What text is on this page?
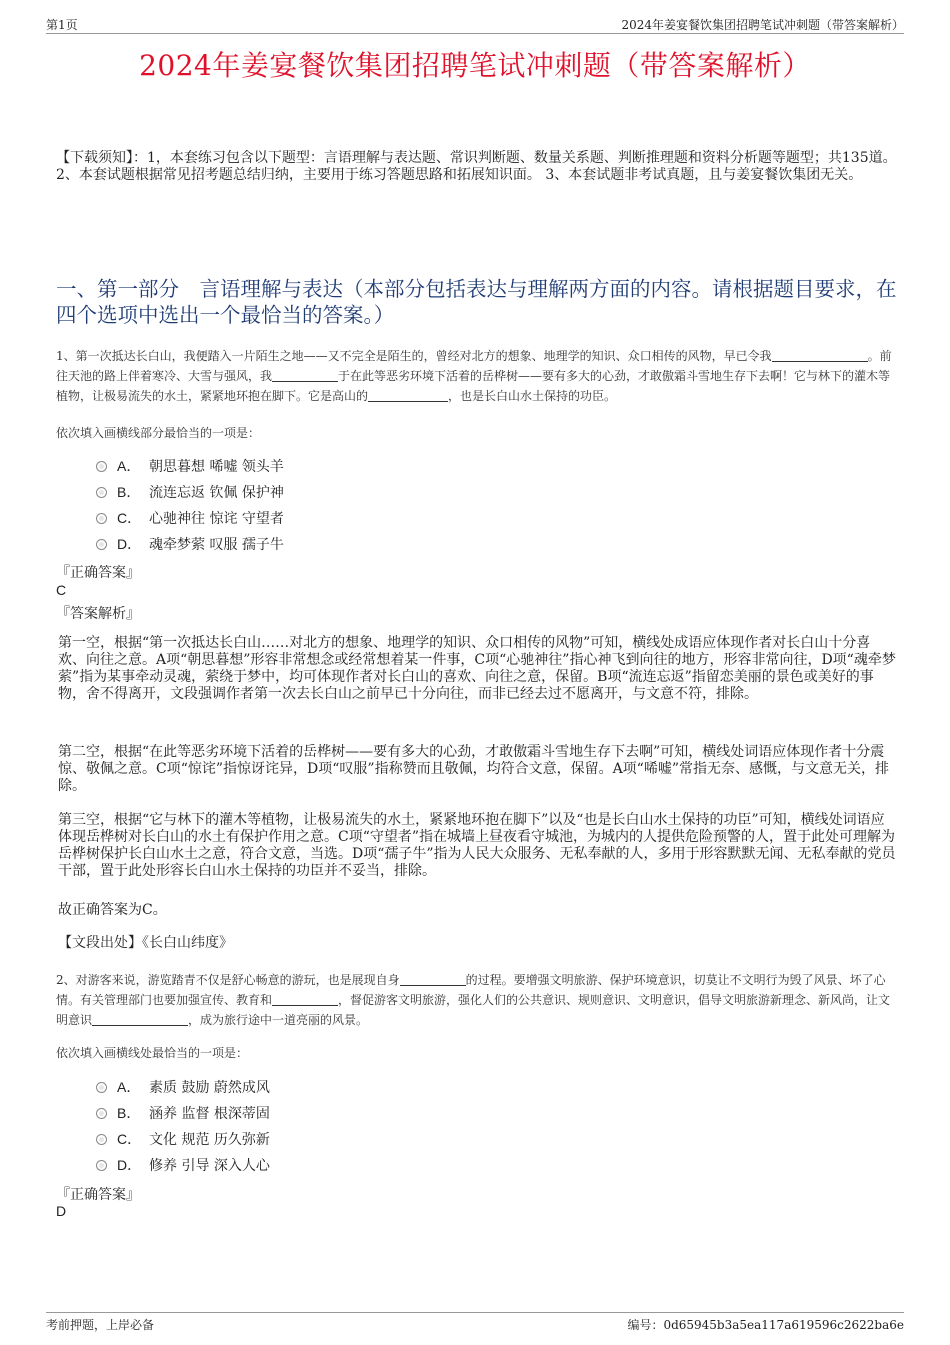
第1页	2024年姜宴餐饮集团招聘笔试冲刺题（带答案解析）
2024年姜宴餐饮集团招聘笔试冲刺题（带答案解析）
【下载须知】：1，本套练习包含以下题型：言语理解与表达题、常识判断题、数量关系题、判断推理题和资料分析题等题型；共135道。 2、本套试题根据常见招考题总结归纳，主要用于练习答题思路和拓展知识面。 3、本套试题非考试真题，且与姜宴餐饮集团无关。
一、第一部分　言语理解与表达（本部分包括表达与理解两方面的内容。请根据题目要求，在四个选项中选出一个最恰当的答案。）
1、第一次抵达长白山，我便踏入一片陌生之地——又不完全是陌生的，曾经对北方的想象、地理学的知识、众口相传的风物，早已令我	。前往天池的路上伴着寒冷、大雪与强风，我	于在此等恶劣环境下活着的岳桦树——要有多大的心劲，才敢傲霜斗雪地生存下去啊！它与林下的灌木等植物，让极易流失的水土，紧紧地环抱在脚下。它是高山的	，也是长白山水土保持的功臣。
依次填入画横线部分最恰当的一项是：
A． 朝思暮想 唏嘘 领头羊
B． 流连忘返 钦佩 保护神
C． 心驰神往 惊诧 守望者
D． 魂牵梦萦 叹服 孺子牛
『正确答案』
C
『答案解析』
第一空，根据“第一次抵达长白山……对北方的想象、地理学的知识、众口相传的风物”可知，横线处成语应体现作者对长白山十分喜欢、向往之意。A项“朝思暮想”形容非常想念或经常想着某一件事，C项“心驰神往”指心神飞到向往的地方，形容非常向往，D项“魂牵梦萦”指为某事牵动灵魂，萦绕于梦中，均可体现作者对长白山的喜欢、向往之意，保留。B项“流连忘返”指留恋美丽的景色或美好的事物，舍不得离开，文段强调作者第一次去长白山之前早已十分向往，而非已经去过不愿离开，与文意不符，排除。
第二空，根据“在此等恶劣环境下活着的岳桦树——要有多大的心劲，才敢傲霜斗雪地生存下去啊”可知，横线处词语应体现作者十分震惊、敬佩之意。C项“惊诧”指惊讶诧异，D项“叹服”指称赞而且敬佩，均符合文意，保留。A项“唏嘘”常指无奈、感慨，与文意无关，排除。
第三空，根据“它与林下的灌木等植物，让极易流失的水土，紧紧地环抱在脚下”以及“也是长白山水土保持的功臣”可知，横线处词语应体现岳桦树对长白山的水土有保护作用之意。C项“守望者”指在城墙上昼夜看守城池，为城内的人提供危险预警的人，置于此处可理解为岳桦树保护长白山水土之意，符合文意，当选。D项“孺子牛”指为人民大众服务、无私奉献的人，多用于形容默默无闻、无私奉献的党员干部，置于此处形容长白山水土保持的功臣并不妥当，排除。
故正确答案为C。
【文段出处】《长白山纬度》
2、对游客来说，游览踏青不仅是舒心畅意的游玩，也是展现自身	的过程。要增强文明旅游、保护环境意识，切莫让不文明行为毁了风景、坏了心情。有关管理部门也要加强宣传、教育和	，督促游客文明旅游，强化人们的公共意识、规则意识、文明意识，倡导文明旅游新理念、新风尚，让文明意识	，成为旅行途中一道亮丽的风景。
依次填入画横线处最恰当的一项是：
A． 素质 鼓励 蔚然成风
B． 涵养 监督 根深蒂固
C． 文化 规范 历久弥新
D． 修养 引导 深入人心
『正确答案』
D
考前押题，上岸必备	编号：0d65945b3a5ea117a619596c2622ba6e
